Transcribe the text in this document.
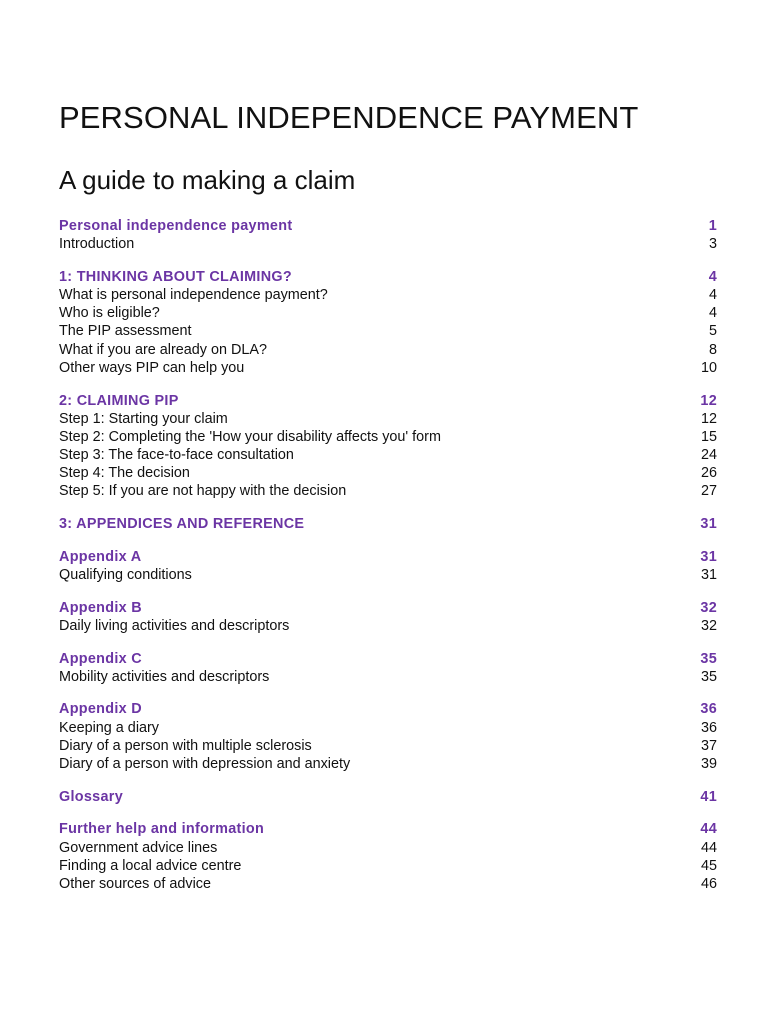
PERSONAL INDEPENDENCE PAYMENT
A guide to making a claim
Personal independence payment	1
Introduction	3
1: THINKING ABOUT CLAIMING?	4
What is personal independence payment?	4
Who is eligible?	4
The PIP assessment	5
What if you are already on DLA?	8
Other ways PIP can help you	10
2: CLAIMING PIP	12
Step 1: Starting your claim	12
Step 2: Completing the 'How your disability affects you' form	15
Step 3: The face-to-face consultation	24
Step 4: The decision	26
Step 5: If you are not happy with the decision	27
3: APPENDICES AND REFERENCE	31
Appendix A	31
Qualifying conditions	31
Appendix B	32
Daily living activities and descriptors	32
Appendix C	35
Mobility activities and descriptors	35
Appendix D	36
Keeping a diary	36
Diary of a person with multiple sclerosis	37
Diary of a person with depression and anxiety	39
Glossary	41
Further help and information	44
Government advice lines	44
Finding a local advice centre	45
Other sources of advice	46
